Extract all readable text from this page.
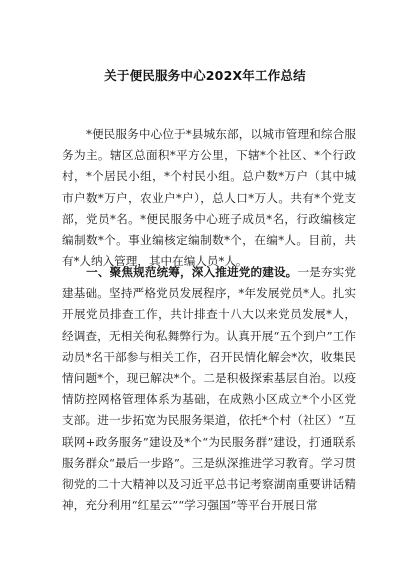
关于便民服务中心202X年工作总结

*便民服务中心位于*县城东部，以城市管理和综合服务为主。辖区总面积*平方公里，下辖*个社区、*个行政村，*个居民小组，*个村民小组。总户数*万户（其中城市户数*万户，农业户*户），总人口*万人。共有*个党支部，党员*名。*便民服务中心班子成员*名，行政编核定编制数*个。事业编核定编制数*个，在编*人。目前，共有*人纳入管理，其中在编人员*人。

一、聚焦规范统筹，深入推进党的建设。一是夯实党建基础。坚持严格党员发展程序，*年发展党员*人。扎实开展党员排查工作，共计排查十八大以来党员发展*人，经调查，无相关徇私舞弊行为。认真开展“五个到户”工作动员*名干部参与相关工作，召开民情化解会*次，收集民情问题*个，现已解决*个。二是积极探索基层自治。以疫情防控网格管理体系为基础，在成熟小区成立*个小区党支部。进一步拓宽为民服务渠道，依托*个村（社区）“互联网+政务服务”建设及*个“为民服务群”建设，打通联系服务群众“最后一步路”。三是纵深推进学习教育。学习贯彻党的二十大精神以及习近平总书记考察湖南重要讲话精神，充分利用“红星云”“学习强国”等平台开展日常
